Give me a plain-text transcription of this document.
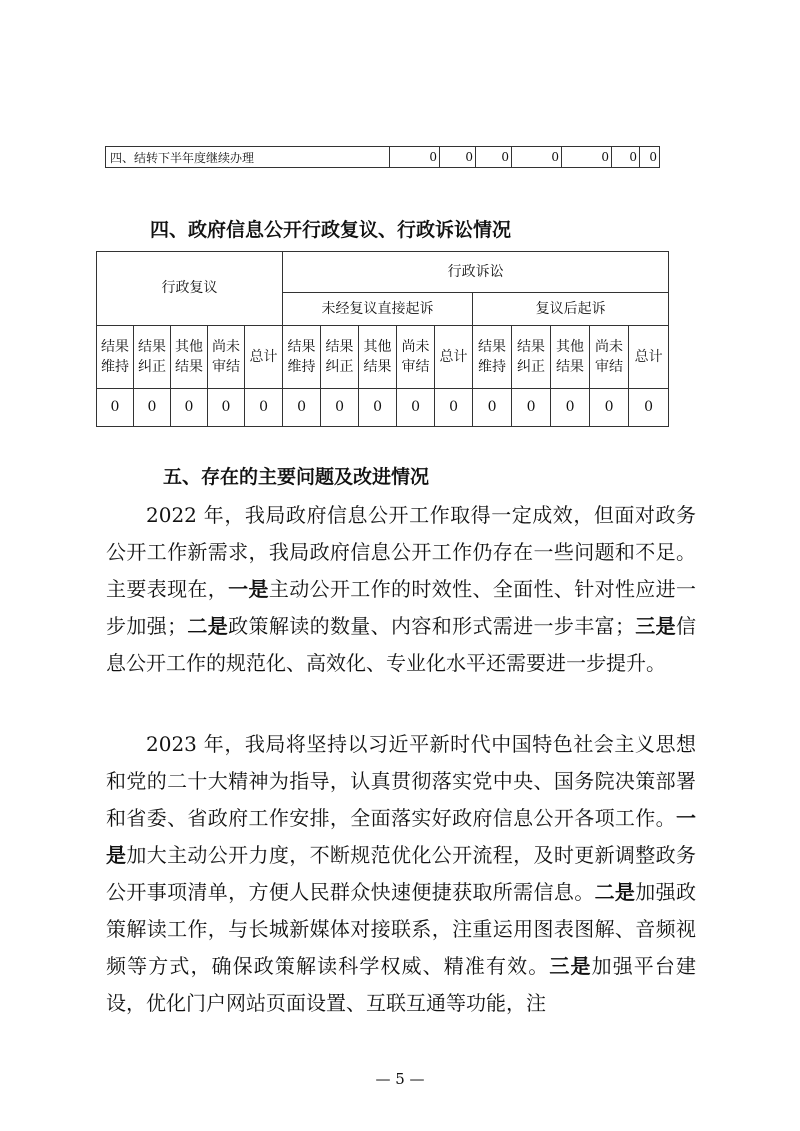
四、结转下半年度继续办理	0	0	0	0	0	0	0
四、政府信息公开行政复议、行政诉讼情况
行政复议					行政诉讼									
					未经复议直接起诉					复议后起诉				
结果维持	结果纠正	其他结果	尚未审结	总计	结果维持	结果纠正	其他结果	尚未审结	总计	结果维持	结果纠正	其他结果	尚未审结	总计

0	0	0	0	0	0	0	0	0	0	0	0	0	0	0
五、存在的主要问题及改进情况

2022 年，我局政府信息公开工作取得一定成效，但面对政务公开工作新需求，我局政府信息公开工作仍存在一些问题和不足。主要表现在，一是主动公开工作的时效性、全面性、针对性应进一步加强；二是政策解读的数量、内容和形式需进一步丰富；三是信息公开工作的规范化、高效化、专业化水平还需要进一步提升。

2023 年，我局将坚持以习近平新时代中国特色社会主义思想和党的二十大精神为指导，认真贯彻落实党中央、国务院决策部署和省委、省政府工作安排，全面落实好政府信息公开各项工作。一是加大主动公开力度，不断规范优化公开流程，及时更新调整政务公开事项清单，方便人民群众快速便捷获取所需信息。二是加强政策解读工作，与长城新媒体对接联系，注重运用图表图解、音频视频等方式，确保政策解读科学权威、精准有效。三是加强平台建设，优化门户网站页面设置、互联互通等功能，注

— 5 —
